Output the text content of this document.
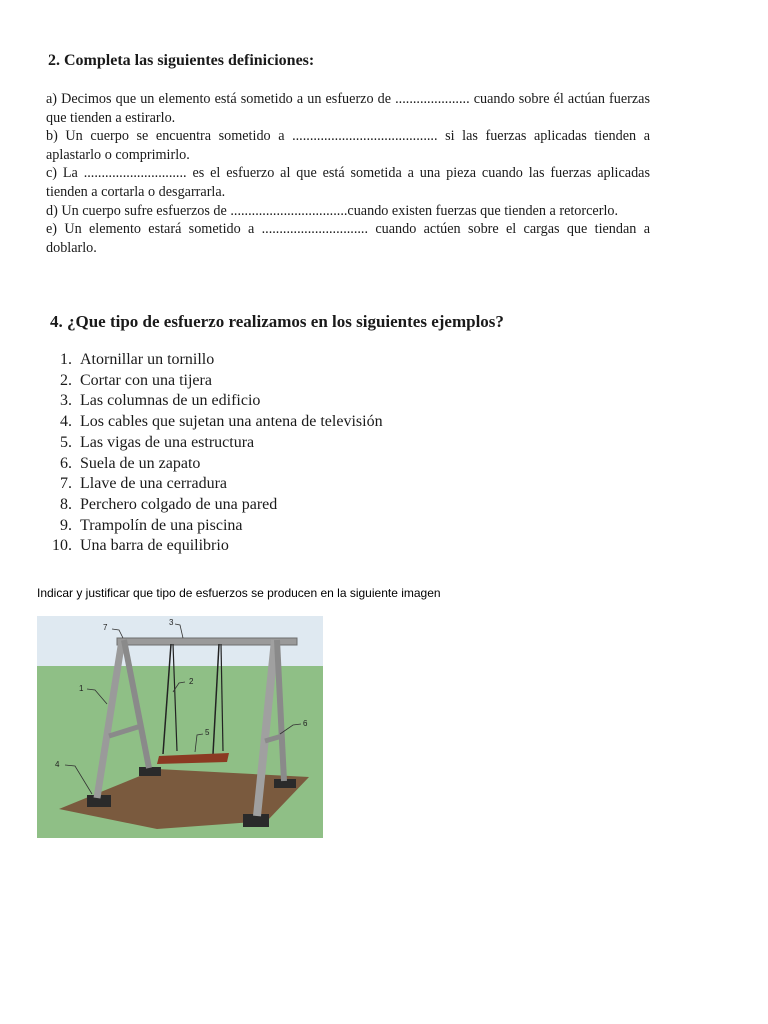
2. Completa las siguientes definiciones:

a) Decimos que un elemento está sometido a un esfuerzo de ..................... cuando sobre él actúan fuerzas que tienden a estirarlo.

b) Un cuerpo se encuentra sometido a ......................................... si las fuerzas aplicadas tienden a aplastarlo o comprimirlo.

c) La ............................. es el esfuerzo al que está sometida a una pieza cuando las fuerzas aplicadas tienden a cortarla o desgarrarla.

d) Un cuerpo sufre esfuerzos de .................................cuando existen fuerzas que tienden a retorcerlo.

e) Un elemento estará sometido a .............................. cuando actúen sobre el cargas que tiendan a doblarlo.

4. ¿Que tipo de esfuerzo realizamos en los siguientes ejemplos?
1. Atornillar un tornillo
2. Cortar con una tijera
3. Las columnas de un edificio
4. Los cables que sujetan una antena de televisión
5. Las vigas de una estructura
6. Suela de un zapato
7. Llave de una cerradura
8. Perchero colgado de una pared
9. Trampolín de una piscina
10. Una barra de equilibrio
Indicar y justificar que tipo de esfuerzos se producen en la siguiente imagen
7
3
1
2
5
6
4
